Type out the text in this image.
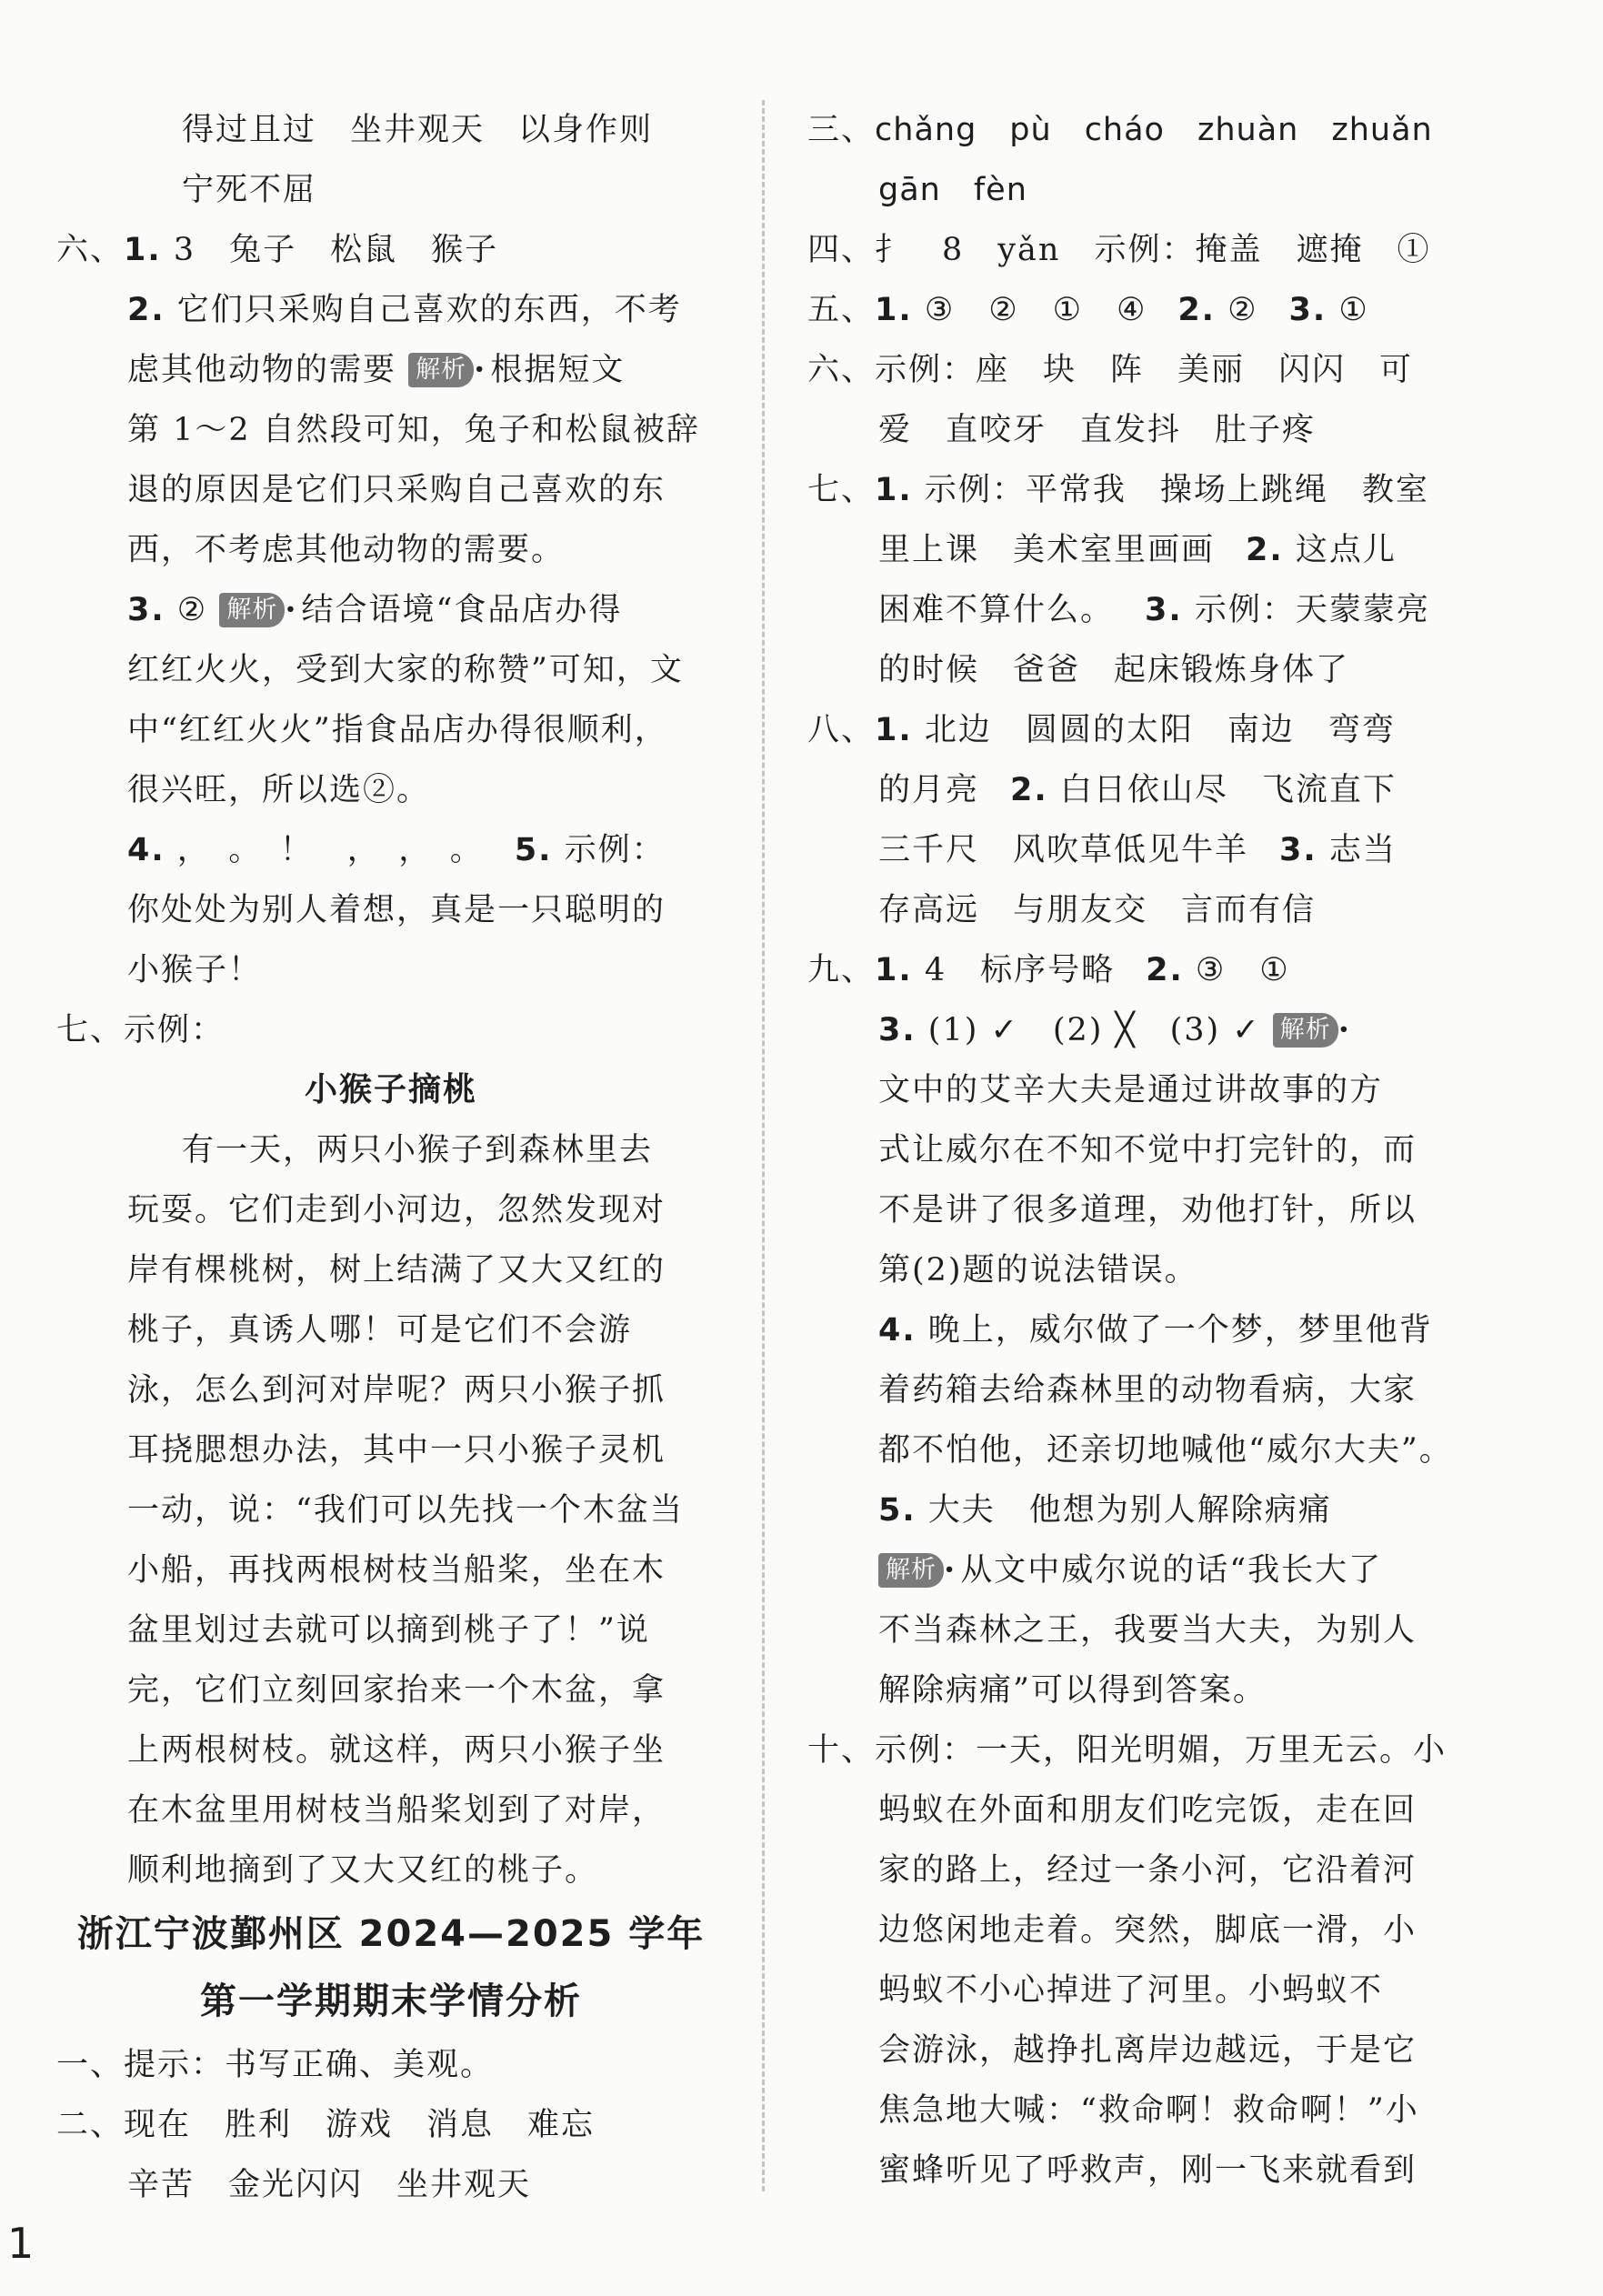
得过且过　坐井观天　以身作则
宁死不屈
六、1. 3　兔子　松鼠　猴子
2. 它们只采购自己喜欢的东西，不考
虑其他动物的需要 解析 · 根据短文
第 1～2 自然段可知，兔子和松鼠被辞
退的原因是它们只采购自己喜欢的东
西，不考虑其他动物的需要。
3. ② 解析 · 结合语境“食品店办得
红红火火，受到大家的称赞”可知，文
中“红红火火”指食品店办得很顺利，
很兴旺，所以选②。
4. ，　。　！　，　，　。 5. 示例：
你处处为别人着想，真是一只聪明的
小猴子！
七、示例：
小猴子摘桃
有一天，两只小猴子到森林里去
玩耍。它们走到小河边，忽然发现对
岸有棵桃树，树上结满了又大又红的
桃子，真诱人哪！可是它们不会游
泳，怎么到河对岸呢？两只小猴子抓
耳挠腮想办法，其中一只小猴子灵机
一动，说：“我们可以先找一个木盆当
小船，再找两根树枝当船桨，坐在木
盆里划过去就可以摘到桃子了！”说
完，它们立刻回家抬来一个木盆，拿
上两根树枝。就这样，两只小猴子坐
在木盆里用树枝当船桨划到了对岸，
顺利地摘到了又大又红的桃子。
浙江宁波鄞州区 2024—2025 学年
第一学期期末学情分析
一、提示：书写正确、美观。
二、现在　胜利　游戏　消息　难忘
辛苦　金光闪闪　坐井观天
三、chǎng　pù　cháo　zhuàn　zhuǎn
gān　fèn
四、扌　8　yǎn　示例：掩盖　遮掩　①
五、1. ③　②　①　④ 2. ② 3. ①
六、示例：座　块　阵　美丽　闪闪　可
爱　直咬牙　直发抖　肚子疼
七、1. 示例：平常我　操场上跳绳　教室
里上课　美术室里画画 2. 这点儿
困难不算什么。 3. 示例：天蒙蒙亮
的时候　爸爸　起床锻炼身体了
八、1. 北边　圆圆的太阳　南边　弯弯
的月亮 2. 白日依山尽　飞流直下
三千尺　风吹草低见牛羊 3. 志当
存高远　与朋友交　言而有信
九、1. 4　标序号略 2. ③　①
3. (1) ✓　(2) ╳　(3) ✓ 解析 ·
文中的艾辛大夫是通过讲故事的方
式让威尔在不知不觉中打完针的，而
不是讲了很多道理，劝他打针，所以
第(2)题的说法错误。
4. 晚上，威尔做了一个梦，梦里他背
着药箱去给森林里的动物看病，大家
都不怕他，还亲切地喊他“威尔大夫”。
5. 大夫　他想为别人解除病痛
解析 · 从文中威尔说的话“我长大了
不当森林之王，我要当大夫，为别人
解除病痛”可以得到答案。
十、示例：一天，阳光明媚，万里无云。小
蚂蚁在外面和朋友们吃完饭，走在回
家的路上，经过一条小河，它沿着河
边悠闲地走着。突然，脚底一滑，小
蚂蚁不小心掉进了河里。小蚂蚁不
会游泳，越挣扎离岸边越远，于是它
焦急地大喊：“救命啊！救命啊！”小
蜜蜂听见了呼救声，刚一飞来就看到
1
